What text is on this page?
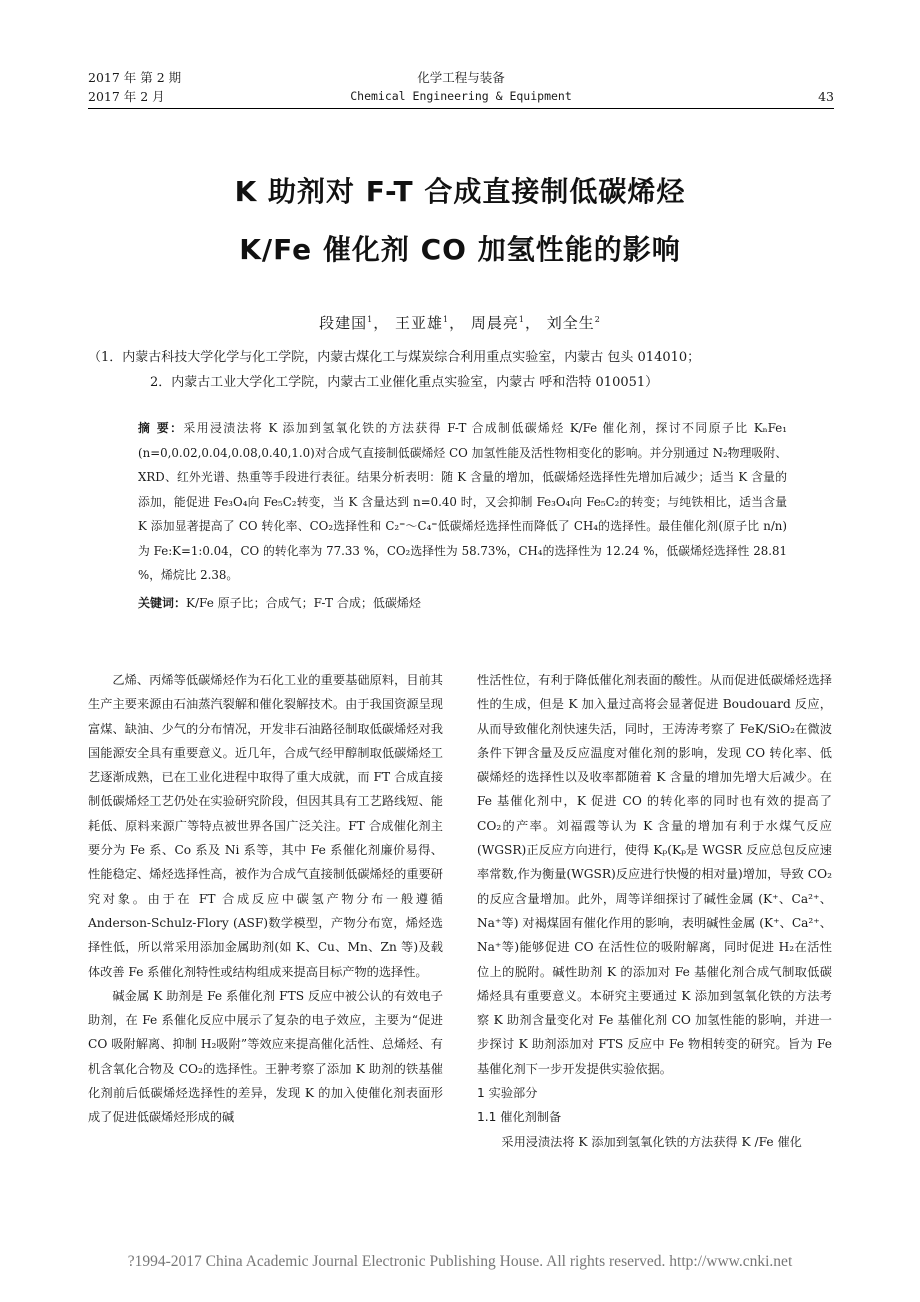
2017 年 第 2 期
2017 年 2 月
化学工程与装备
Chemical Engineering & Equipment	43
K 助剂对 F-T 合成直接制低碳烯烃
K/Fe 催化剂 CO 加氢性能的影响
段建国$^1$， 王亚雄$^1$， 周晨亮$^1$， 刘全生$^2$
（1．内蒙古科技大学化学与化工学院，内蒙古煤化工与煤炭综合利用重点实验室，内蒙古 包头 014010；
2．内蒙古工业大学化工学院，内蒙古工业催化重点实验室，内蒙古 呼和浩特 010051）
摘 要：采用浸渍法将 K 添加到氢氧化铁的方法获得 F-T 合成制低碳烯烃 K/Fe 催化剂，探讨不同原子比 KₙFe₁ (n=0,0.02,0.04,0.08,0.40,1.0)对合成气直接制低碳烯烃 CO 加氢性能及活性物相变化的影响。并分别通过 N₂物理吸附、XRD、红外光谱、热重等手段进行表征。结果分析表明：随 K 含量的增加，低碳烯烃选择性先增加后减少；适当 K 含量的添加，能促进 Fe₃O₄向 Fe₅C₂转变，当 K 含量达到 n=0.40 时，又会抑制 Fe₃O₄向 Fe₅C₂的转变；与纯铁相比，适当含量 K 添加显著提高了 CO 转化率、CO₂选择性和 C₂⁼～C₄⁼低碳烯烃选择性而降低了 CH₄的选择性。最佳催化剂(原子比 n/n)为 Fe:K=1:0.04，CO 的转化率为 77.33 %，CO₂选择性为 58.73%，CH₄的选择性为 12.24 %，低碳烯烃选择性 28.81 %，烯烷比 2.38。
关键词：K/Fe 原子比；合成气；F-T 合成；低碳烯烃

乙烯、丙烯等低碳烯烃作为石化工业的重要基础原料，目前其生产主要来源由石油蒸汽裂解和催化裂解技术。由于我国资源呈现富煤、缺油、少气的分布情况，开发非石油路径制取低碳烯烃对我国能源安全具有重要意义。近几年，合成气经甲醇制取低碳烯烃工艺逐渐成熟，已在工业化进程中取得了重大成就，而 FT 合成直接制低碳烯烃工艺仍处在实验研究阶段，但因其具有工艺路线短、能耗低、原料来源广等特点被世界各国广泛关注。FT 合成催化剂主要分为 Fe 系、Co 系及 Ni 系等，其中 Fe 系催化剂廉价易得、性能稳定、烯烃选择性高，被作为合成气直接制低碳烯烃的重要研究对象。由于在 FT 合成反应中碳氢产物分布一般遵循 Anderson-Schulz-Flory (ASF)数学模型，产物分布宽，烯烃选择性低，所以常采用添加金属助剂(如 K、Cu、Mn、Zn 等)及载体改善 Fe 系催化剂特性或结构组成来提高目标产物的选择性。

碱金属 K 助剂是 Fe 系催化剂 FTS 反应中被公认的有效电子助剂，在 Fe 系催化反应中展示了复杂的电子效应，主要为“促进 CO 吸附解离、抑制 H₂吸附”等效应来提高催化活性、总烯烃、有机含氧化合物及 CO₂的选择性。王翀考察了添加 K 助剂的铁基催化剂前后低碳烯烃选择性的差异，发现 K 的加入使催化剂表面形成了促进低碳烯烃形成的碱

性活性位，有利于降低催化剂表面的酸性。从而促进低碳烯烃选择性的生成，但是 K 加入量过高将会显著促进 Boudouard 反应，从而导致催化剂快速失活，同时，王涛涛考察了 FeK/SiO₂在微波条件下钾含量及反应温度对催化剂的影响，发现 CO 转化率、低碳烯烃的选择性以及收率都随着 K 含量的增加先增大后减少。在 Fe 基催化剂中，K 促进 CO 的转化率的同时也有效的提高了 CO₂的产率。刘福霞等认为 K 含量的增加有利于水煤气反应(WGSR)正反应方向进行，使得 Kₚ(Kₚ是 WGSR 反应总包反应速率常数,作为衡量(WGSR)反应进行快慢的相对量)增加，导致 CO₂的反应含量增加。此外，周等详细探讨了碱性金属 (K⁺、Ca²⁺、Na⁺等) 对褐煤固有催化作用的影响，表明碱性金属 (K⁺、Ca²⁺、Na⁺等)能够促进 CO 在活性位的吸附解离，同时促进 H₂在活性位上的脱附。碱性助剂 K 的添加对 Fe 基催化剂合成气制取低碳烯烃具有重要意义。本研究主要通过 K 添加到氢氧化铁的方法考察 K 助剂含量变化对 Fe 基催化剂 CO 加氢性能的影响，并进一步探讨 K 助剂添加对 FTS 反应中 Fe 物相转变的研究。旨为 Fe 基催化剂下一步开发提供实验依据。

1 实验部分
1.1 催化剂制备

采用浸渍法将 K 添加到氢氧化铁的方法获得 K /Fe 催化

?1994-2017 China Academic Journal Electronic Publishing House. All rights reserved. http://www.cnki.net
